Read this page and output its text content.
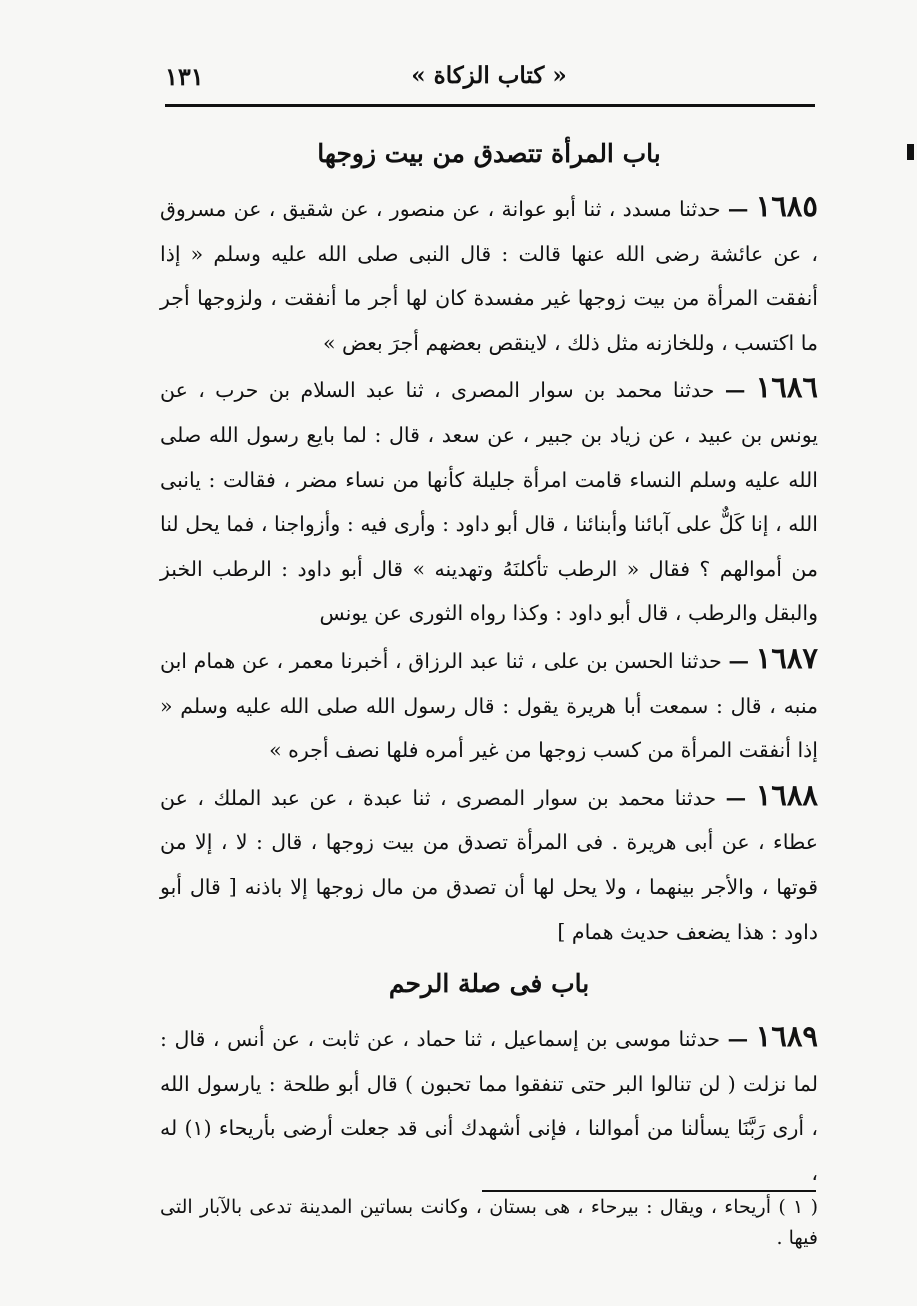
« كتاب الزكاة »
١٣١
باب المرأة تتصدق من بيت زوجها

١٦٨٥ — حدثنا مسدد ، ثنا أبو عوانة ، عن منصور ، عن شقيق ، عن مسروق ، عن عائشة رضى الله عنها قالت : قال النبى صلى الله عليه وسلم « إذا أنفقت المرأة من بيت زوجها غير مفسدة كان لها أجر ما أنفقت ، ولزوجها أجر ما اكتسب ، وللخازنه مثل ذلك ، لاينقص بعضهم أجرَ بعض »

١٦٨٦ — حدثنا محمد بن سوار المصرى ، ثنا عبد السلام بن حرب ، عن يونس بن عبيد ، عن زياد بن جبير ، عن سعد ، قال : لما بايع رسول الله صلى الله عليه وسلم النساء قامت امرأة جليلة كأنها من نساء مضر ، فقالت : يانبى الله ، إنا كَلٌّ على آبائنا وأبنائنا ، قال أبو داود : وأرى فيه : وأزواجنا ، فما يحل لنا من أموالهم ؟ فقال « الرطب تأكلنَهُ وتهدينه » قال أبو داود : الرطب الخبز والبقل والرطب ، قال أبو داود : وكذا رواه الثورى عن يونس

١٦٨٧ — حدثنا الحسن بن على ، ثنا عبد الرزاق ، أخبرنا معمر ، عن همام ابن منبه ، قال : سمعت أبا هريرة يقول : قال رسول الله صلى الله عليه وسلم « إذا أنفقت المرأة من كسب زوجها من غير أمره فلها نصف أجره »

١٦٨٨ — حدثنا محمد بن سوار المصرى ، ثنا عبدة ، عن عبد الملك ، عن عطاء ، عن أبى هريرة . فى المرأة تصدق من بيت زوجها ، قال : لا ، إلا من قوتها ، والأجر بينهما ، ولا يحل لها أن تصدق من مال زوجها إلا باذنه [ قال أبو داود : هذا يضعف حديث همام ]

باب فى صلة الرحم

١٦٨٩ — حدثنا موسى بن إسماعيل ، ثنا حماد ، عن ثابت ، عن أنس ، قال : لما نزلت ( لن تنالوا البر حتى تنفقوا مما تحبون ) قال أبو طلحة : يارسول الله ، أرى رَبَّنَا يسألنا من أموالنا ، فإنى أشهدك أنى قد جعلت أرضى بأريحاء (١) له ،

( ١ ) أريحاء ، ويقال : بيرحاء ، هى بستان ، وكانت بساتين المدينة تدعى بالآبار التى فيها .
